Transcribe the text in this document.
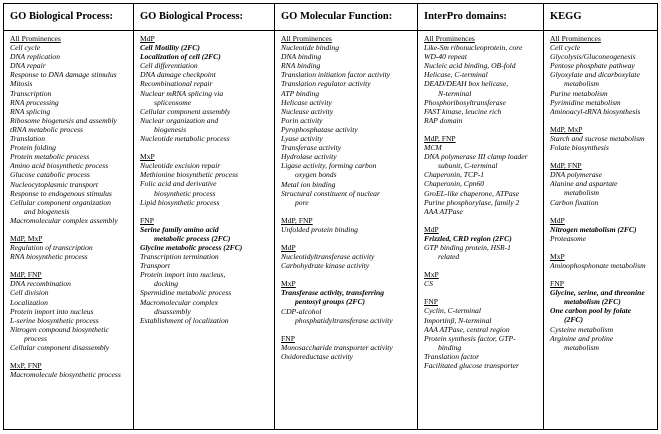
GO Biological Process:
All Prominences
Cell cycle
DNA replication
DNA repair
Response to DNA damage stimulus
Mitosis
Transcription
RNA processing
RNA splicing
Ribosome biogenesis and assembly
tRNA metabolic process
Translation
Protein folding
Protein metabolic process
Amino acid biosynthetic process
Glucose catabolic process
Nucleocytoplasmic transport
Response to endogenous stimulus
Cellular component organization
and biogenesis
Macromolecular complex assembly
MdP, MxP
Regulation of transcription
RNA biosynthetic process
MdP, FNP
DNA recombination
Cell division
Localization
Protein import into nucleus
L-serine biosynthetic process
Nitrogen compound biosynthetic
process
Cellular component disassembly
MxP, FNP
Macromolecule biosynthetic process
GO Biological Process:
MdP
Cell Motility (2FC)
Localization of cell (2FC)
Cell differentiation
DNA damage checkpoint
Recombinational repair
Nuclear mRNA splicing via
spliceosome
Cellular component assembly
Nuclear organization and
biogenesis
Nucleotide metabolic process
MxP
Nucleotide excision repair
Methionine biosynthetic process
Folic acid and derivative
biosynthetic process
Lipid biosynthetic process
FNP
Serine family amino acid
metabolic process (2FC)
Glycine metabolic process (2FC)
Transcription termination
Transport
Protein import into nucleus,
docking
Spermidine metabolic process
Macromolecular complex
disassembly
Establishment of localization
GO Molecular Function:
All Prominences
Nucleotide binding
DNA binding
RNA binding
Translation initiation factor activity
Translation regulator activity
ATP binding
Helicase activity
Nuclease activity
Porin activity
Pyrophosphatase activity
Lyase activity
Transferase activity
Hydrolase activity
Ligase activity, forming carbon
oxygen bonds
Metal ion binding
Structural constituent of nuclear
pore
MdP, FNP
Unfolded protein binding
MdP
Nucleotidyltransferase activity
Carbohydrate kinase activity
MxP
Transferase activity, transferring
pentosyl groups (2FC)
CDP-alcohol
phosphatidyltransferase activity
FNP
Monosaccharide transporter activity
Oxidoreductase activity
InterPro domains:
All Prominences
Like-Sm ribonucleoprotein, core
WD-40 repeat
Nucleic acid binding, OB-fold
Helicase, C-terminal
DEAD/DEAH box helicase,
N-terminal
Phosphoribosyltransferase
FAST kinase, leucine rich
RAP domain
MdP, FNP
MCM
DNA polymerase III clamp loader
subunit, C-terminal
Chaperonin, TCP-1
Chaperonin, Cpn60
GroEL-like chaperone, ATPase
Purine phosphorylase, family 2
AAA ATPase
MdP
Frizzled, CRD region (2FC)
GTP binding protein, HSR-1
related
MxP
CS
FNP
Cyclin, C-terminal
Importinβ, N-terminal
AAA ATPase, central region
Protein synthesis factor, GTP-
binding
Translation factor
Facilitated glucose transporter
KEGG
All Prominences
Cell cycle
Glycolysis/Gluconeogenesis
Pentose phosphate pathway
Glyoxylate and dicarboxylate
metabolism
Purine metabolism
Pyrimidine metabolism
Aminoacyl-tRNA biosynthesis
MdP, MxP
Starch and sucrose metabolism
Folate biosynthesis
MdP, FNP
DNA polymerase
Alanine and aspartate
metabolism
Carbon fixation
MdP
Nitrogen metabolism (2FC)
Proteasome
MxP
Aminophosphonate metabolism
FNP
Glycine, serine, and threonine
metabolism (2FC)
One carbon pool by folate
(2FC)
Cysteine metabolism
Arginine and proline
metabolism
